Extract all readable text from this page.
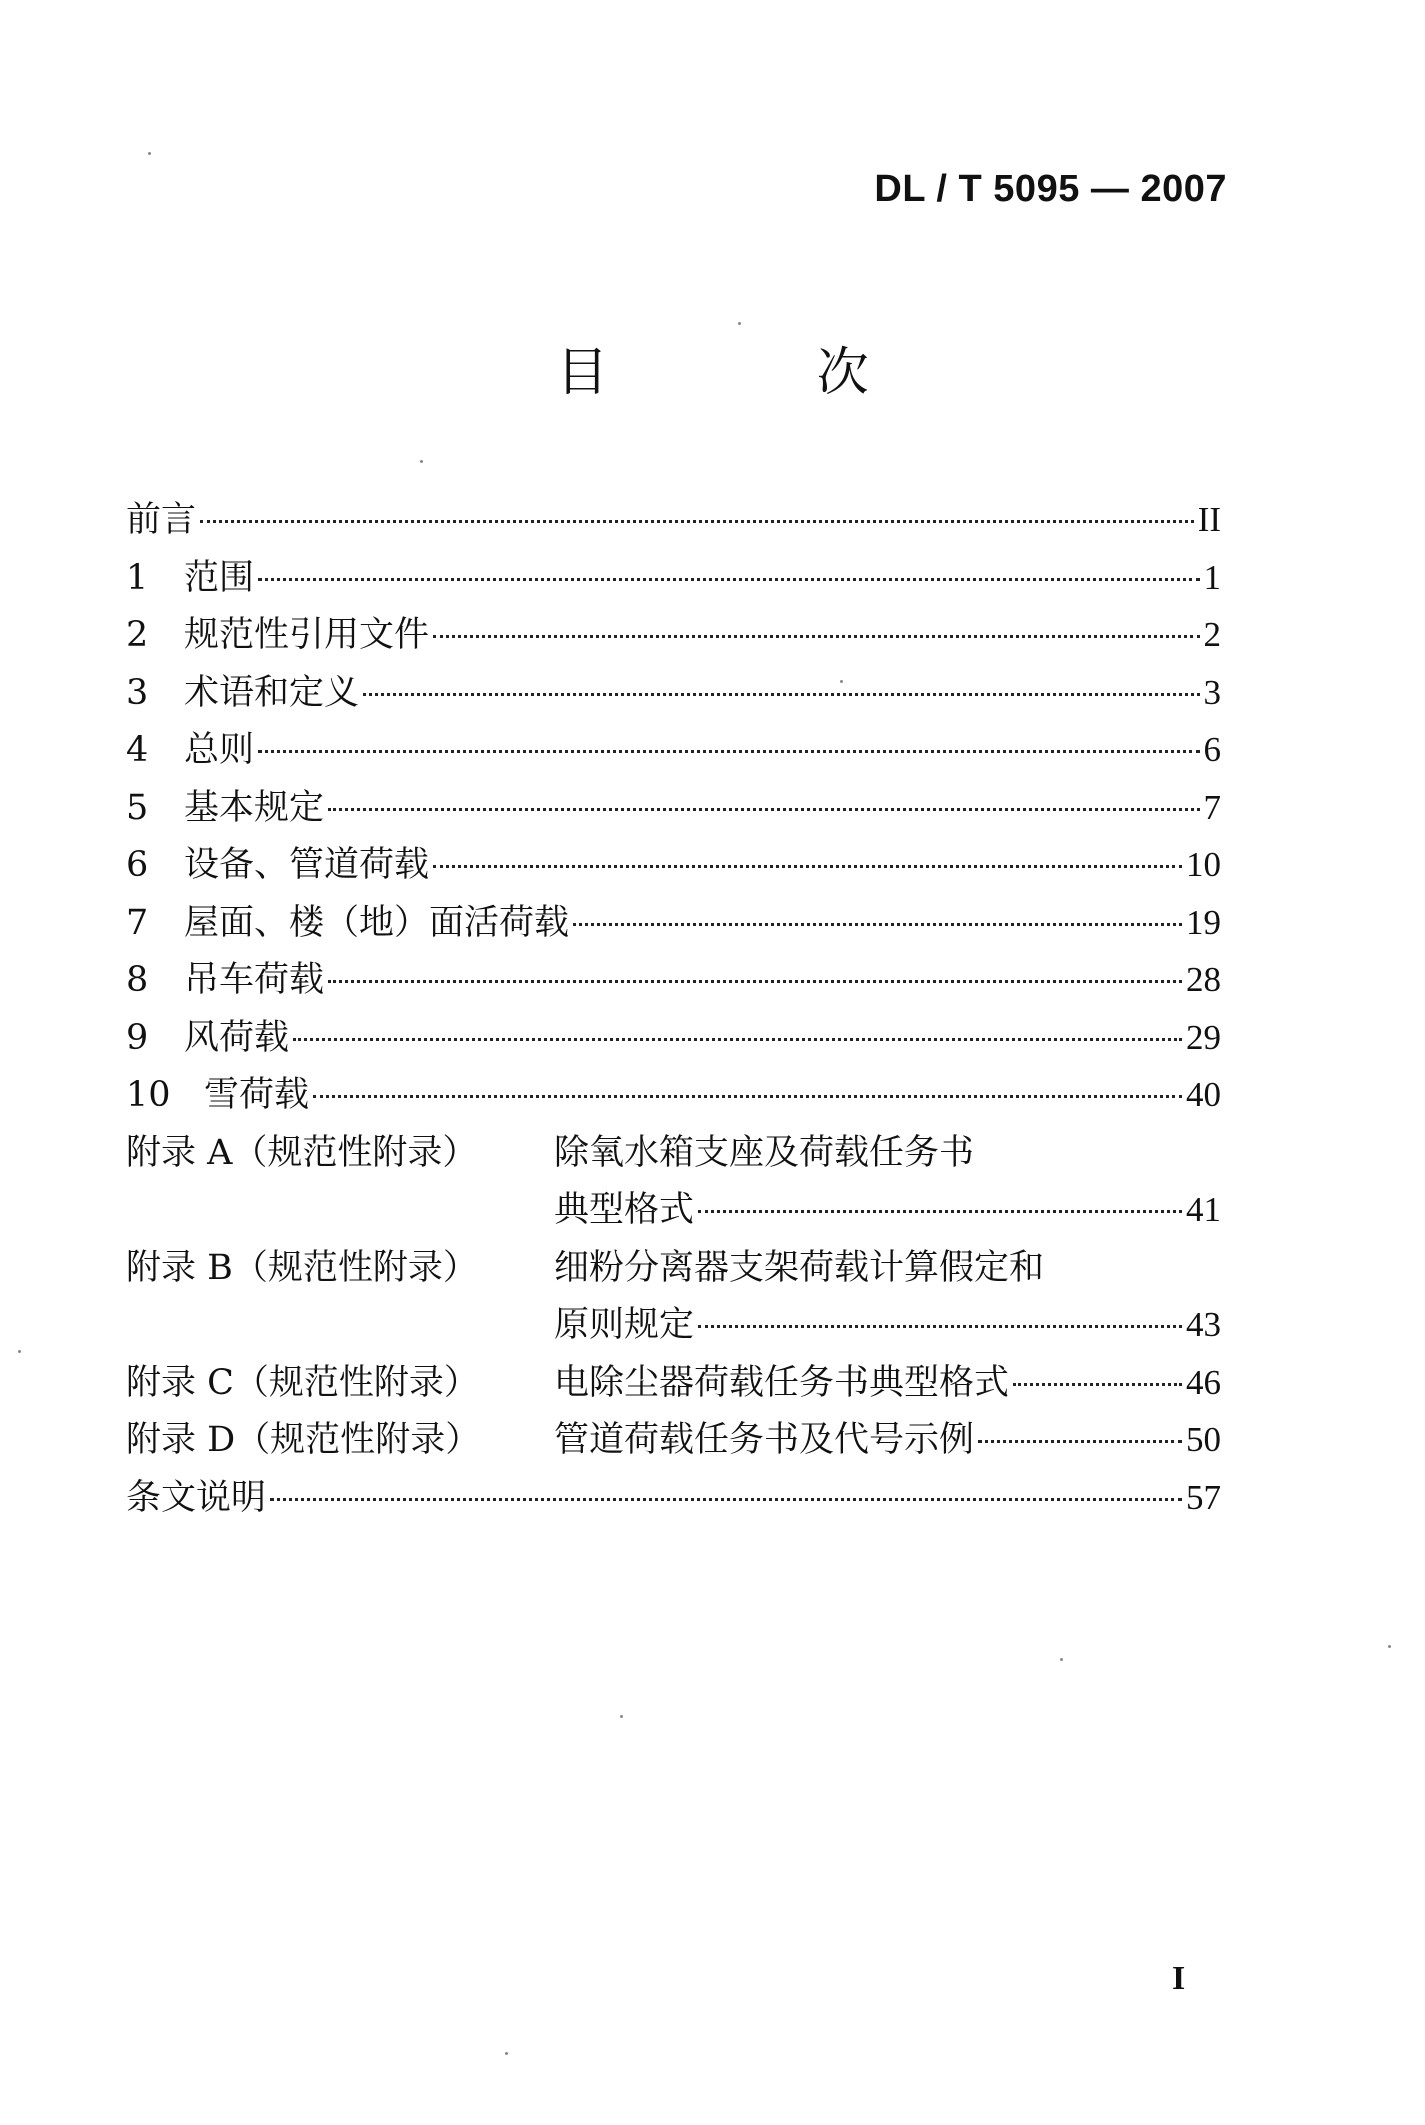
DL / T 5095 — 2007
目 次
前言	II
1	范围	1
2	规范性引用文件	2
3	术语和定义	3
4	总则	6
5	基本规定	7
6	设备、管道荷载	10
7	屋面、楼（地）面活荷载	19
8	吊车荷载	28
9	风荷载	29
10 雪荷载	40
附录 A（规范性附录）	除氧水箱支座及荷载任务书
典型格式	41
附录 B（规范性附录）	细粉分离器支架荷载计算假定和
原则规定	43
附录 C（规范性附录）	电除尘器荷载任务书典型格式	46
附录 D（规范性附录）	管道荷载任务书及代号示例	50
条文说明	57
I
